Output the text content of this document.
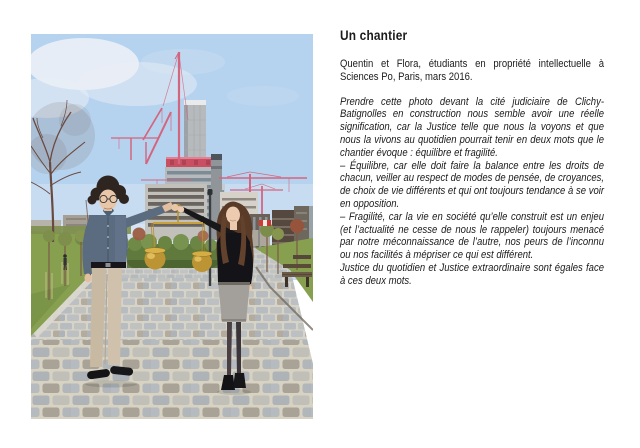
Un chantier

Quentin et Flora, étudiants en propriété intellectuelle à Sciences Po, Paris, mars 2016.

Prendre cette photo devant la cité judiciaire de Clichy-Batignolles en construction nous semble avoir une réelle signification, car la Justice telle que nous la voyons et que nous la vivons au quotidien pourrait tenir en deux mots que le chantier évoque : équilibre et fragilité.

– Équilibre, car elle doit faire la balance entre les droits de chacun, veiller au respect de modes de pensée, de croyances, de choix de vie différents et qui ont toujours tendance à se voir en opposition.

– Fragilité, car la vie en société qu’elle construit est un enjeu (et l’actualité ne cesse de nous le rappeler) toujours menacé par notre méconnaissance de l’autre, nos peurs de l’inconnu ou nos facilités à mépriser ce qui est différent.

Justice du quotidien et Justice extraordinaire sont égales face à ces deux mots.
